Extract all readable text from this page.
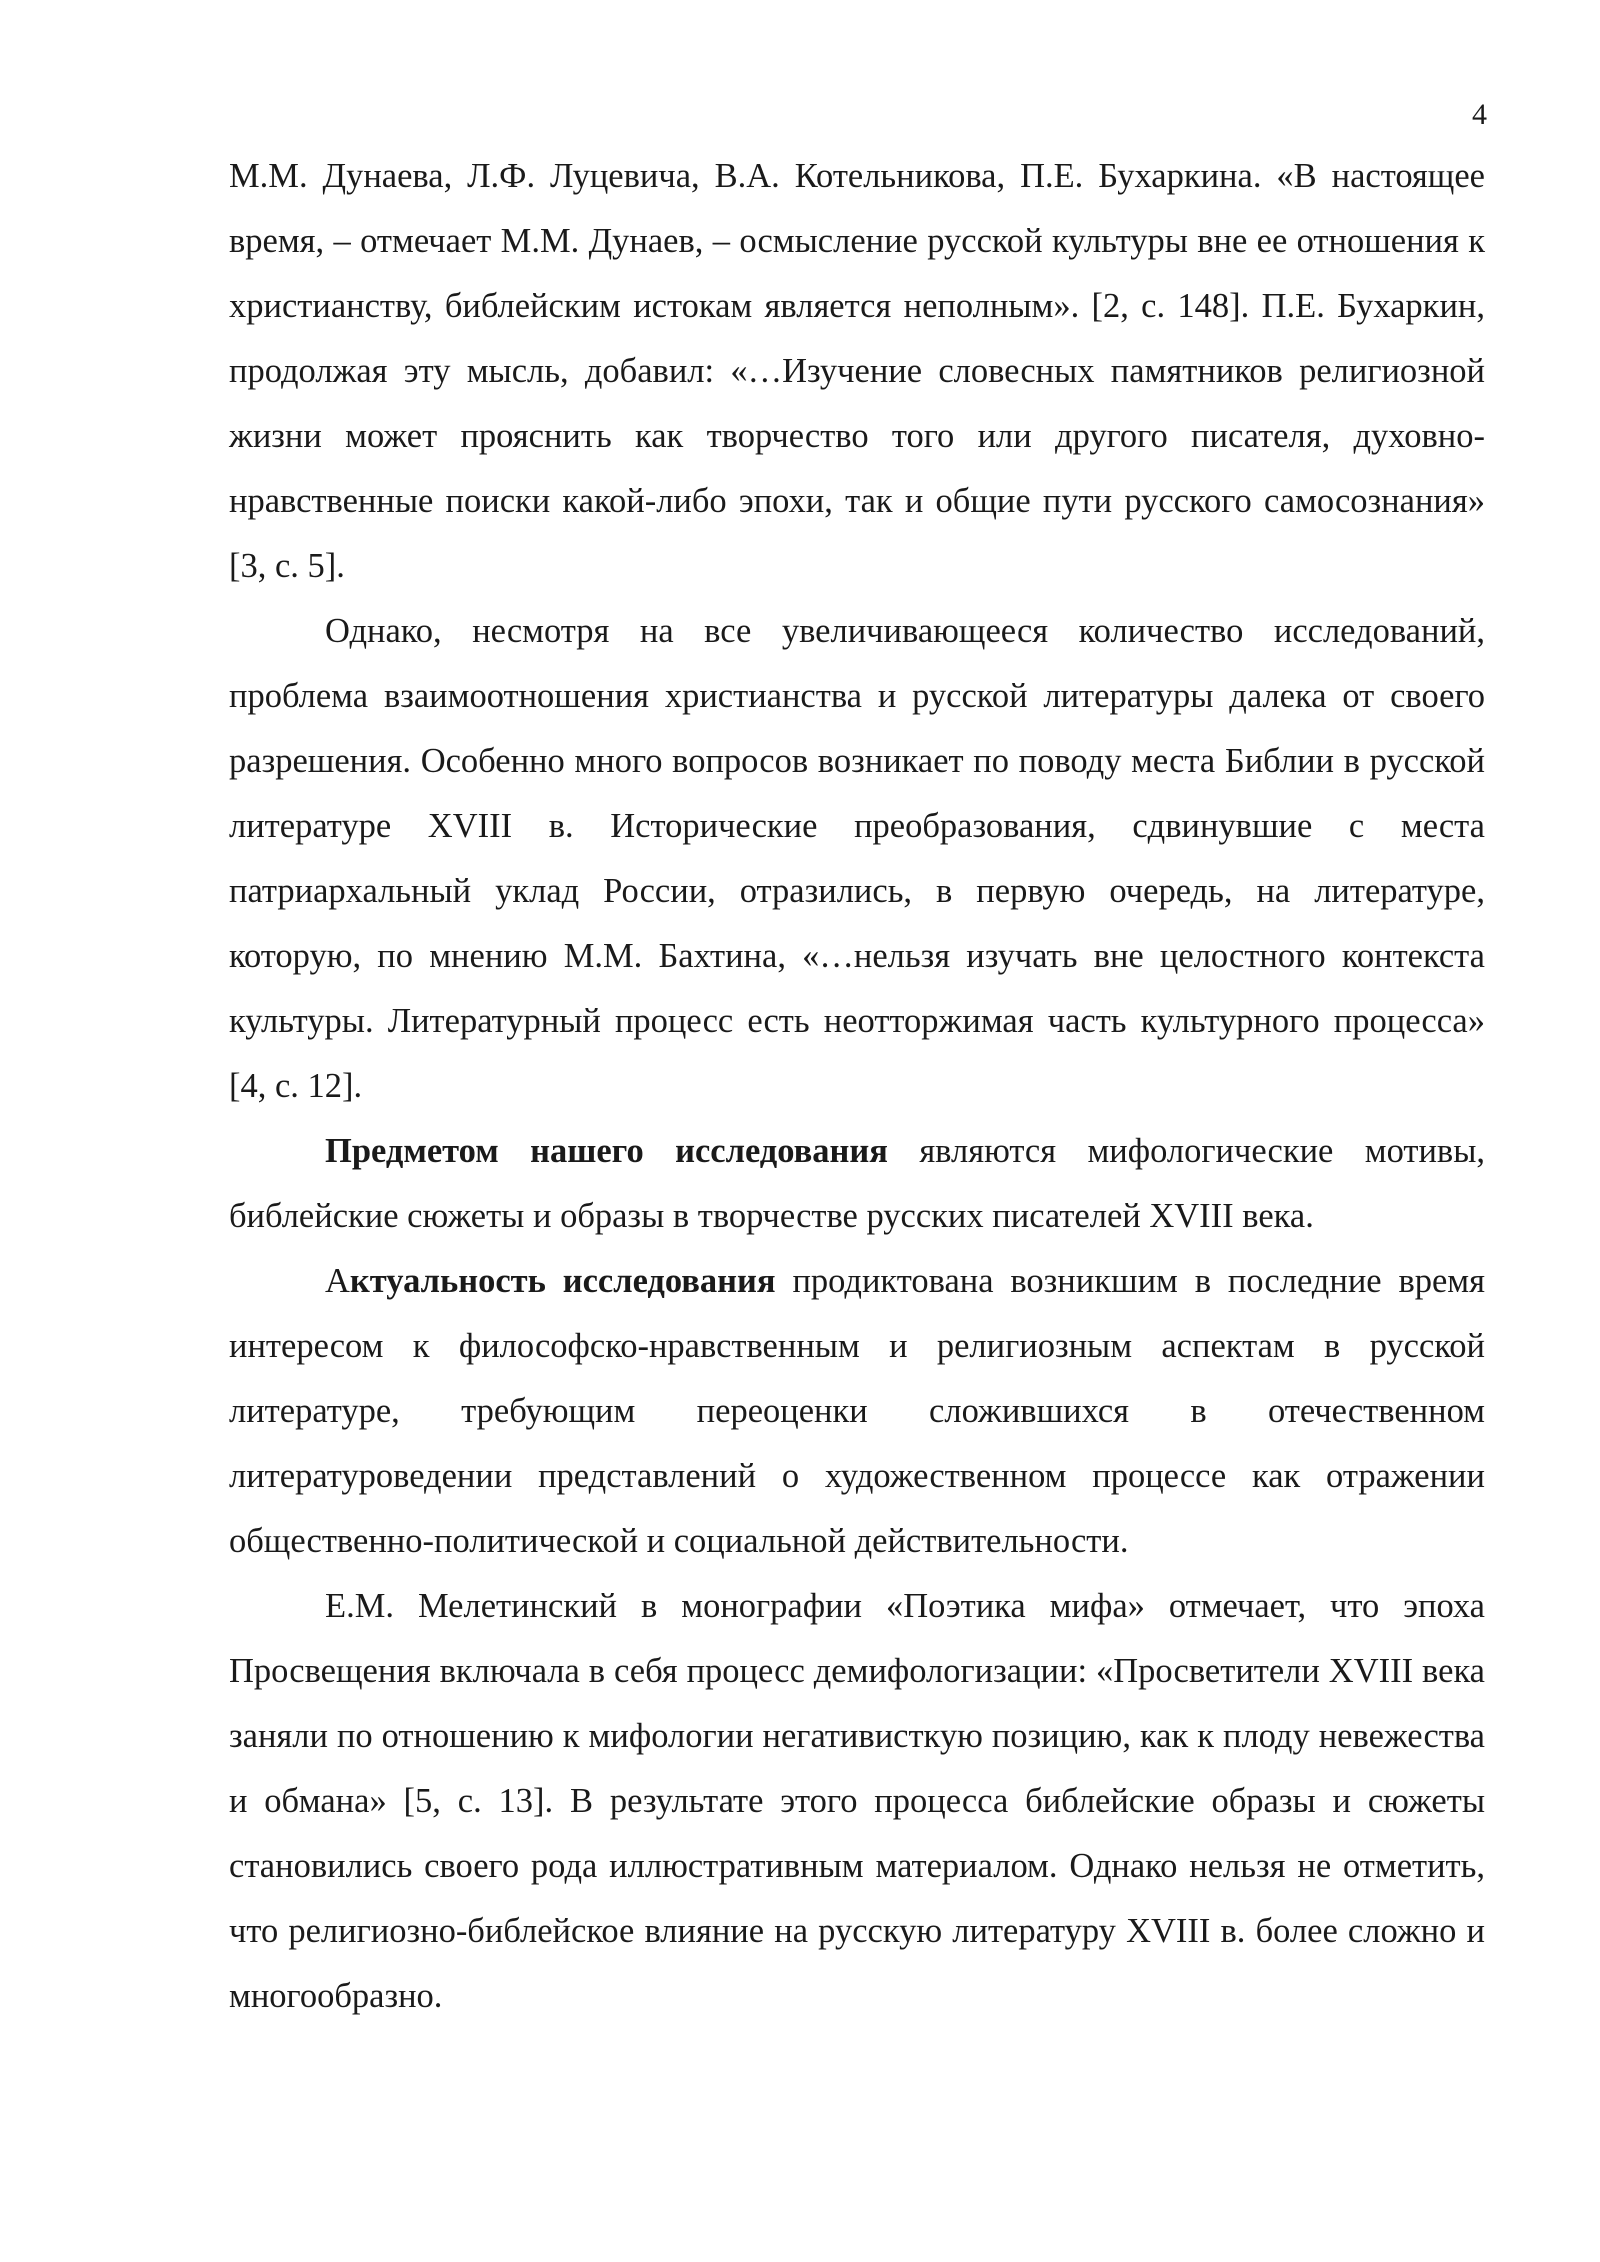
4

М.М. Дунаева, Л.Ф. Луцевича, В.А. Котельникова, П.Е. Бухаркина. «В настоящее время, – отмечает М.М. Дунаев, – осмысление русской культуры вне ее отношения к христианству, библейским истокам является неполным». [2, с. 148]. П.Е. Бухаркин, продолжая эту мысль, добавил: «…Изучение словесных памятников религиозной жизни может прояснить как творчество того или другого писателя, духовно-нравственные поиски какой-либо эпохи, так и общие пути русского самосознания» [3, с. 5].

Однако, несмотря на все увеличивающееся количество исследований, проблема взаимоотношения христианства и русской литературы далека от своего разрешения. Особенно много вопросов возникает по поводу места Библии в русской литературе XVIII в. Исторические преобразования, сдвинувшие с места патриархальный уклад России, отразились, в первую очередь, на литературе, которую, по мнению М.М. Бахтина, «…нельзя изучать вне целостного контекста культуры. Литературный процесс есть неотторжимая часть культурного процесса» [4, с. 12].

Предметом нашего исследования являются мифологические мотивы, библейские сюжеты и образы в творчестве русских писателей XVIII века.

Актуальность исследования продиктована возникшим в последние время интересом к философско-нравственным и религиозным аспектам в русской литературе, требующим переоценки сложившихся в отечественном литературоведении представлений о художественном процессе как отражении общественно-политической и социальной действительности.

Е.М. Мелетинский в монографии «Поэтика мифа» отмечает, что эпоха Просвещения включала в себя процесс демифологизации: «Просветители XVIII века заняли по отношению к мифологии негативисткую позицию, как к плоду невежества и обмана» [5, с. 13]. В результате этого процесса библейские образы и сюжеты становились своего рода иллюстративным материалом. Однако нельзя не отметить, что религиозно-библейское влияние на русскую литературу XVIII в. более сложно и многообразно.
